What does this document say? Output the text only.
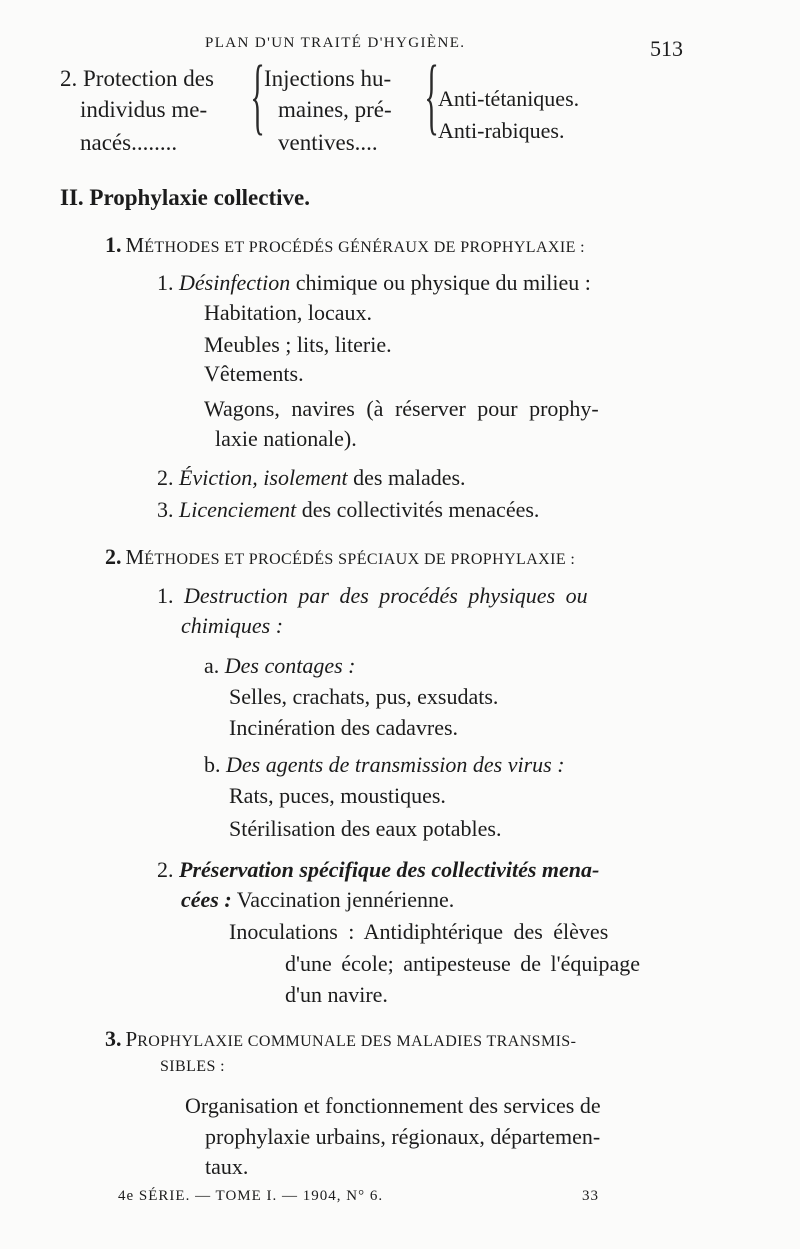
PLAN D'UN TRAITÉ D'HYGIÈNE.	513
2. Protection des
individus me-
nacés........ { Injections hu-
maines, pré-
ventives.... { Anti-tétaniques.
Anti-rabiques.
II. Prophylaxie collective.
1. MÉTHODES ET PROCÉDÉS GÉNÉRAUX DE PROPHYLAXIE :
1. Désinfection chimique ou physique du milieu :
Habitation, locaux.
Meubles ; lits, literie.
Vêtements.
Wagons, navires (à réserver pour prophy-
laxie nationale).
2. Éviction, isolement des malades.
3. Licenciement des collectivités menacées.
2. MÉTHODES ET PROCÉDÉS SPÉCIAUX DE PROPHYLAXIE :
1. Destruction par des procédés physiques ou
chimiques :
a. Des contages :
Selles, crachats, pus, exsudats.
Incinération des cadavres.
b. Des agents de transmission des virus :
Rats, puces, moustiques.
Stérilisation des eaux potables.
2. Préservation spécifique des collectivités mena-
cées : Vaccination jennérienne.
Inoculations : Antidiphtérique des élèves
d'une école; antipesteuse de l'équipage
d'un navire.
3. PROPHYLAXIE COMMUNALE DES MALADIES TRANSMIS-
SIBLES :
Organisation et fonctionnement des services de
prophylaxie urbains, régionaux, départemen-
taux.
4e SÉRIE. — TOME I. — 1904, N° 6.	33
